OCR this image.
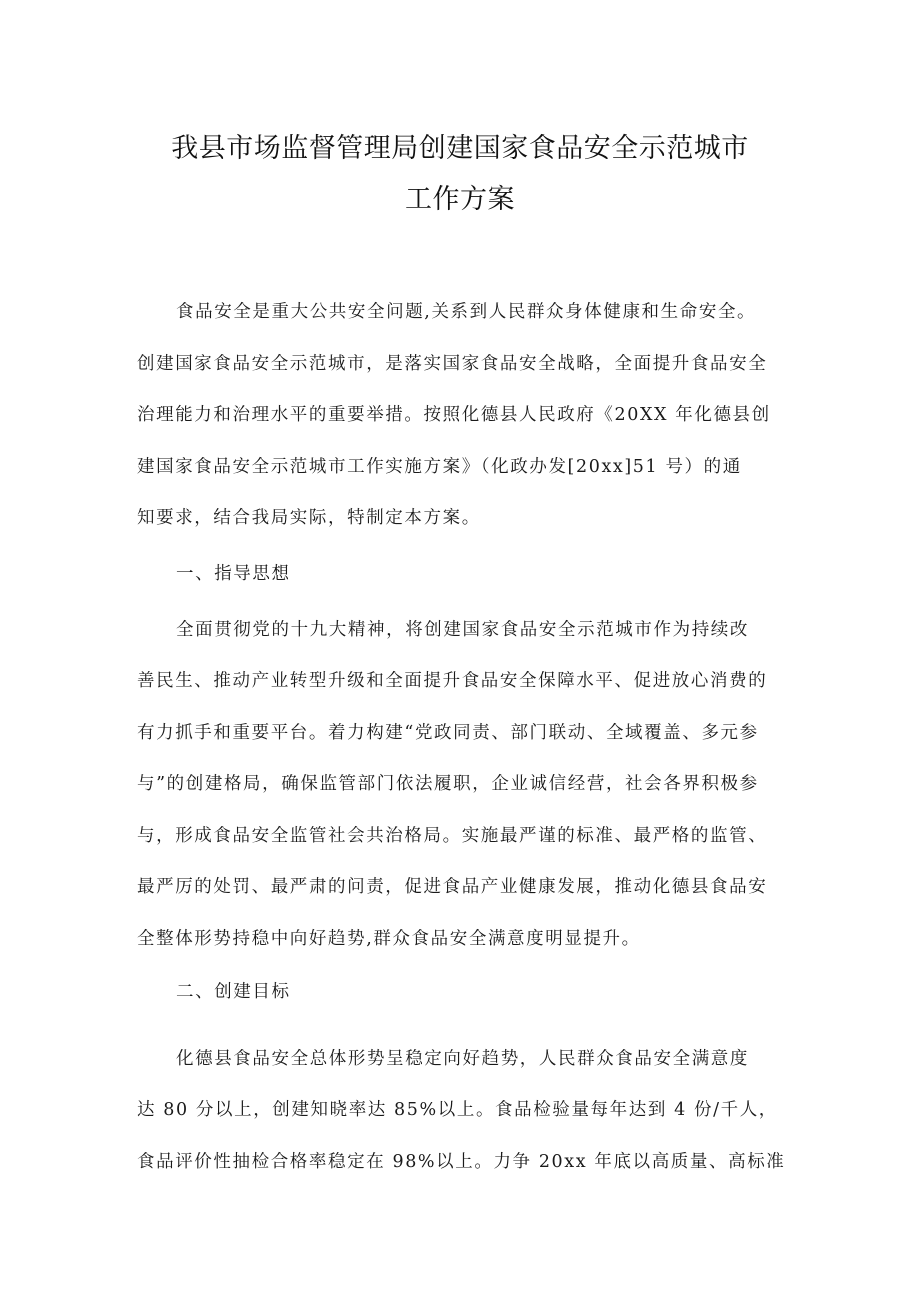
我县市场监督管理局创建国家食品安全示范城市
工作方案
食品安全是重大公共安全问题,关系到人民群众身体健康和生命安全。
创建国家食品安全示范城市，是落实国家食品安全战略，全面提升食品安全
治理能力和治理水平的重要举措。按照化德县人民政府《20XX 年化德县创
建国家食品安全示范城市工作实施方案》（化政办发[20xx]51 号）的通
知要求，结合我局实际，特制定本方案。
一、指导思想
全面贯彻党的十九大精神，将创建国家食品安全示范城市作为持续改
善民生、推动产业转型升级和全面提升食品安全保障水平、促进放心消费的
有力抓手和重要平台。着力构建“党政同责、部门联动、全域覆盖、多元参
与”的创建格局，确保监管部门依法履职，企业诚信经营，社会各界积极参
与，形成食品安全监管社会共治格局。实施最严谨的标准、最严格的监管、
最严厉的处罚、最严肃的问责，促进食品产业健康发展，推动化德县食品安
全整体形势持稳中向好趋势,群众食品安全满意度明显提升。
二、创建目标
化德县食品安全总体形势呈稳定向好趋势，人民群众食品安全满意度
达 80 分以上，创建知晓率达 85%以上。食品检验量每年达到 4 份/千人，
食品评价性抽检合格率稳定在 98%以上。力争 20xx 年底以高质量、高标准
